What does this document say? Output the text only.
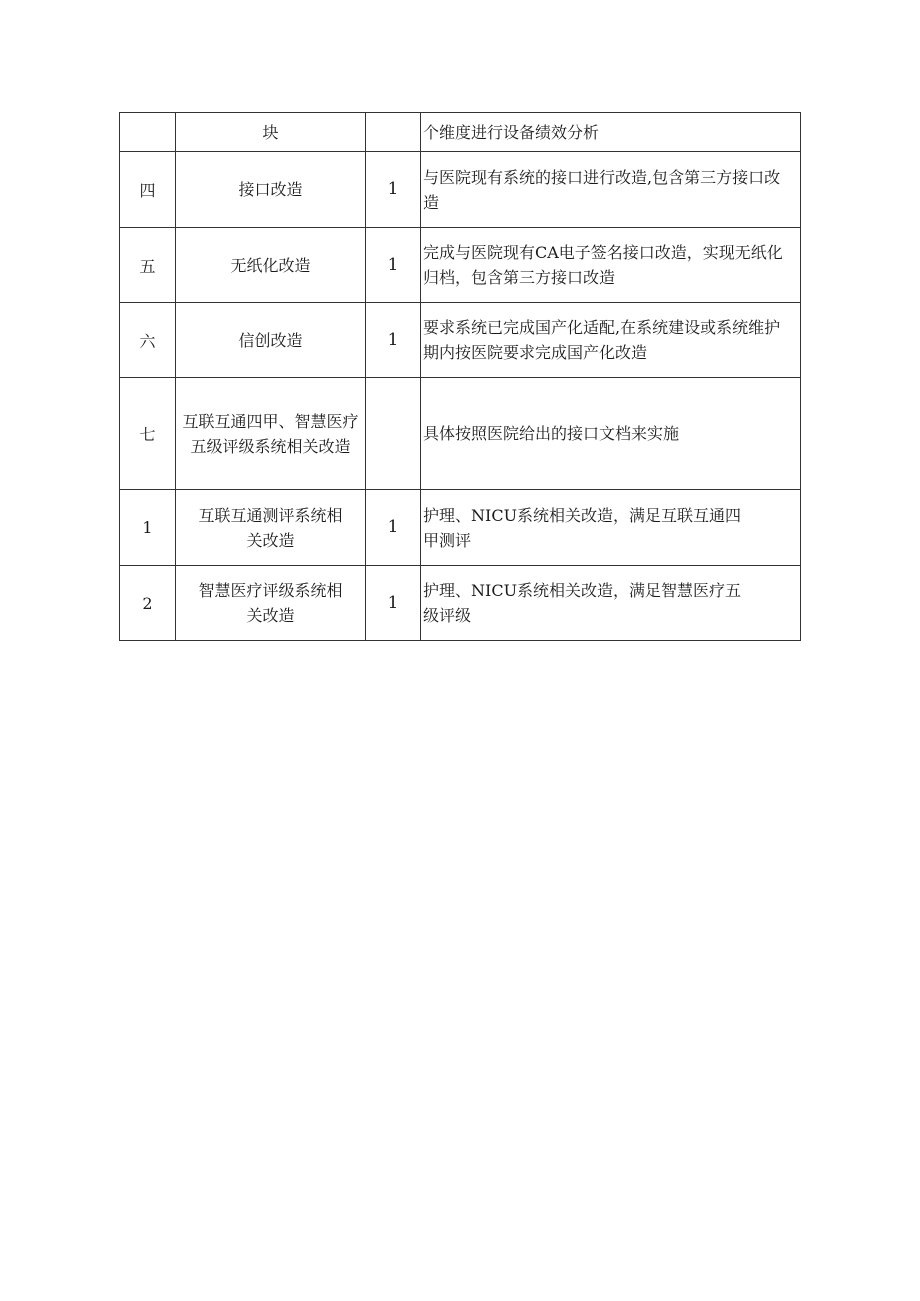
	块		个维度进行设备绩效分析

四	接口改造	1	与医院现有系统的接口进行改造,包含第三方接口改造

五	无纸化改造	1	完成与医院现有CA电子签名接口改造，实现无纸化归档，包含第三方接口改造

六	信创改造	1	要求系统已完成国产化适配,在系统建设或系统维护期内按医院要求完成国产化改造

七	互联互通四甲、智慧医疗五级评级系统相关改造		具体按照医院给出的接口文档来实施

1	互联互通测评系统相关改造	1	护理、NICU系统相关改造，满足互联互通四甲测评

2	智慧医疗评级系统相关改造	1	护理、NICU系统相关改造，满足智慧医疗五级评级
